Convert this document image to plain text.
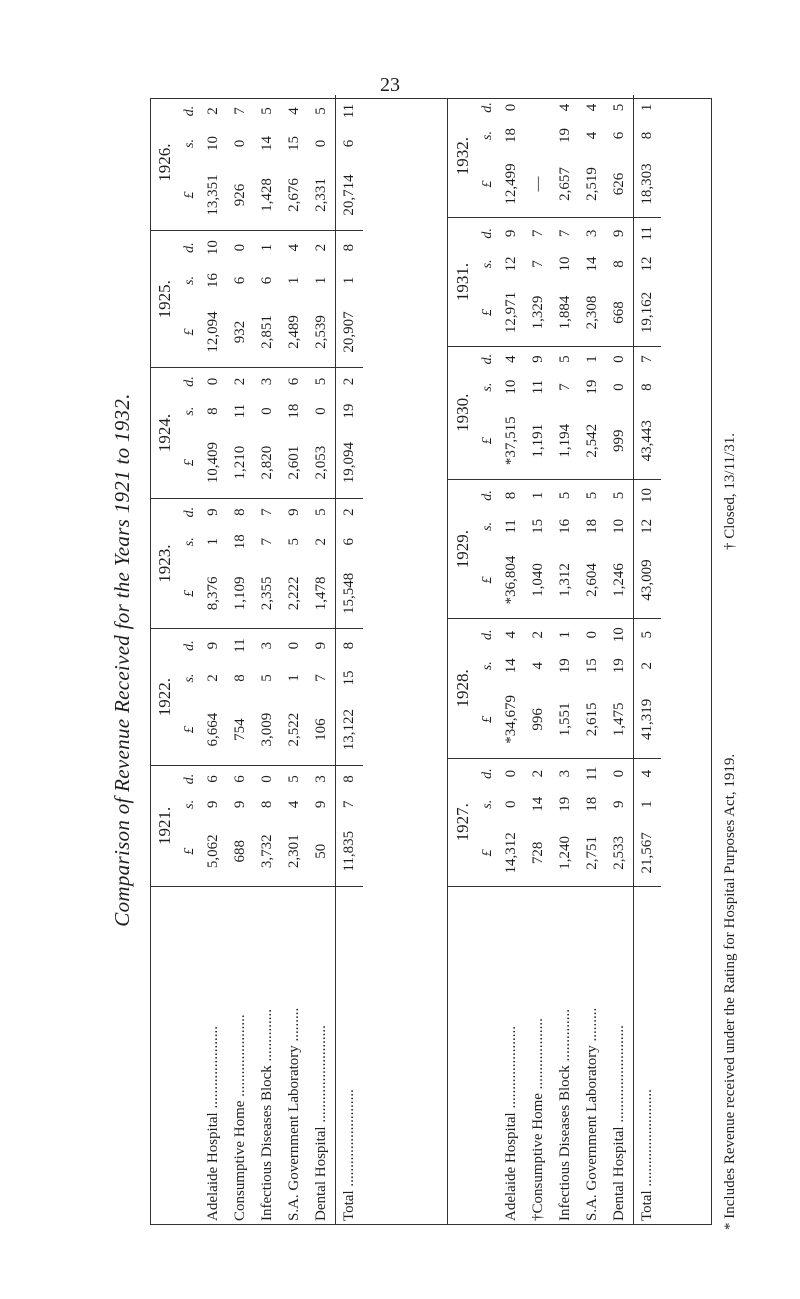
23
Comparison of Revenue Received for the Years 1921 to 1932.
	1921.			1922.			1923.			1924.			1925.			1926.		
	£	s.	d.	£	s.	d.	£	s.	d.	£	s.	d.	£	s.	d.	£	s.	d.
Adelaide Hospital ......................	5,062	9	6	6,664	2	9	8,376	1	9	10,409	8	0	12,094	16	10	13,351	10	2
Consumptive Home ......................	688	9	6	754	8	11	1,109	18	8	1,210	11	2	932	6	0	926	0	7
Infectious Diseases Block ..............	3,732	8	0	3,009	5	3	2,355	7	7	2,820	0	3	2,851	6	1	1,428	14	5
S.A. Government Laboratory .........	2,301	4	5	2,522	1	0	2,222	5	9	2,601	18	6	2,489	1	4	2,676	15	4
Dental Hospital ..........................	50	9	3	106	7	9	1,478	2	5	2,053	0	5	2,539	1	2	2,331	0	5
Total ..........................	11,835	7	8	13,122	15	8	15,548	6	2	19,094	19	2	20,907	1	8	20,714	6	11
	1927.			1928.			1929.			1930.			1931.			1932.		
	£	s.	d.	£	s.	d.	£	s.	d.	£	s.	d.	£	s.	d.	£	s.	d.
Adelaide Hospital ......................	14,312	0	0	*34,679	14	4	*36,804	11	8	*37,515	10	4	12,971	12	9	12,499	18	0
†Consumptive Home ...................	728	14	2	996	4	2	1,040	15	1	1,191	11	9	1,329	7	7	—		
Infectious Diseases Block ..............	1,240	19	3	1,551	19	1	1,312	16	5	1,194	7	5	1,884	10	7	2,657	19	4
S.A. Government Laboratory .........	2,751	18	11	2,615	15	0	2,604	18	5	2,542	19	1	2,308	14	3	2,519	4	4
Dental Hospital ..........................	2,533	9	0	1,475	19	10	1,246	10	5	999	0	0	668	8	9	626	6	5
Total ..........................	21,567	1	4	41,319	2	5	43,009	12	10	43,443	8	7	19,162	12	11	18,303	8	1
* Includes Revenue received under the Rating for Hospital Purposes Act, 1919.
† Closed, 13/11/31.
